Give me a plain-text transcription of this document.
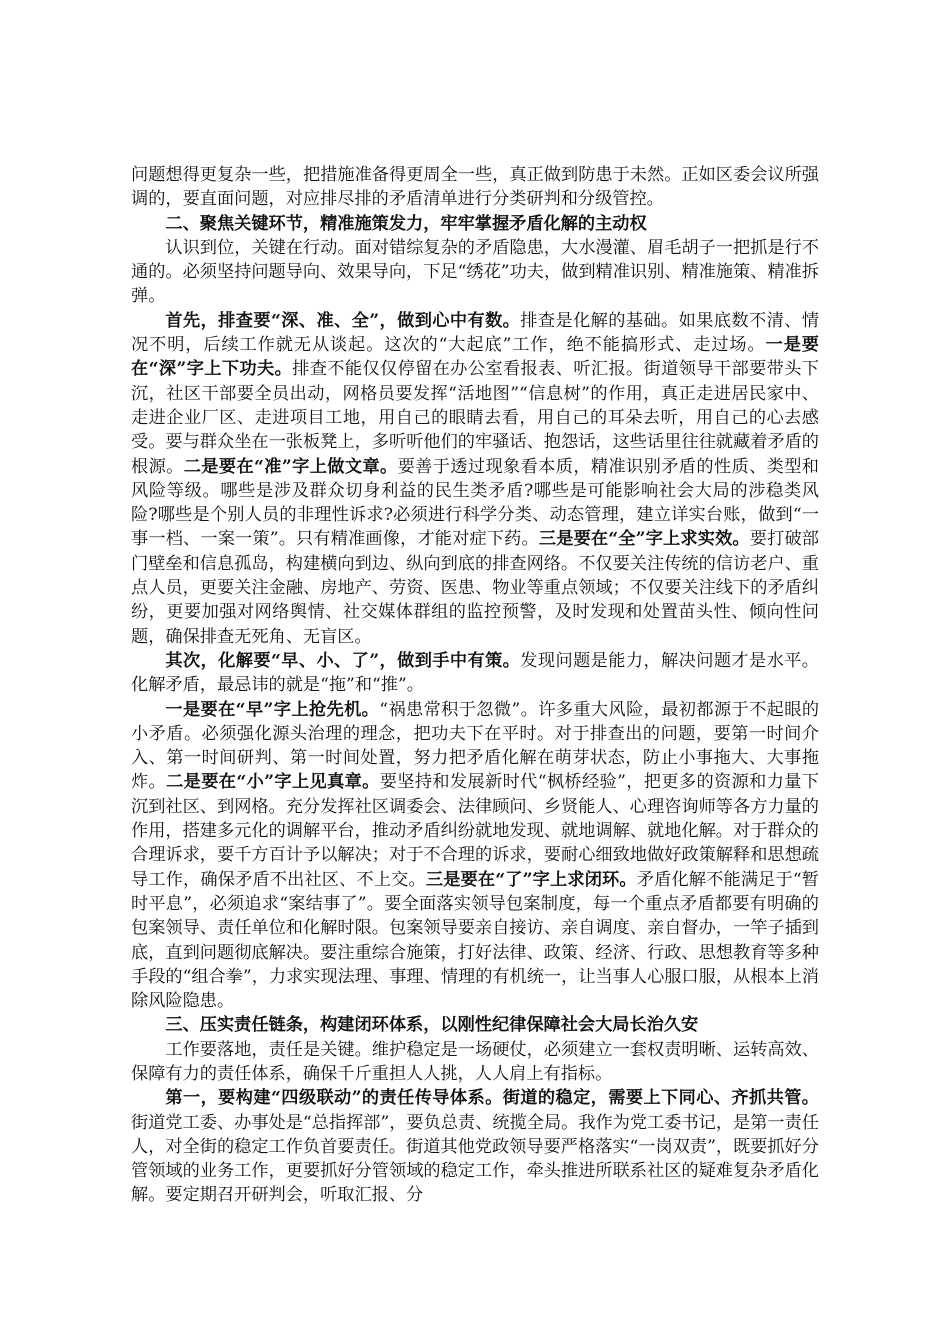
问题想得更复杂一些，把措施准备得更周全一些，真正做到防患于未然。正如区委会议所强调的，要直面问题，对应排尽排的矛盾清单进行分类研判和分级管控。

二、聚焦关键环节，精准施策发力，牢牢掌握矛盾化解的主动权

认识到位，关键在行动。面对错综复杂的矛盾隐患，大水漫灌、眉毛胡子一把抓是行不通的。必须坚持问题导向、效果导向，下足“绣花”功夫，做到精准识别、精准施策、精准拆弹。

首先，排查要“深、准、全”，做到心中有数。排查是化解的基础。如果底数不清、情况不明，后续工作就无从谈起。这次的“大起底”工作，绝不能搞形式、走过场。一是要在“深”字上下功夫。排查不能仅仅停留在办公室看报表、听汇报。街道领导干部要带头下沉，社区干部要全员出动，网格员要发挥“活地图”“信息树”的作用，真正走进居民家中、走进企业厂区、走进项目工地，用自己的眼睛去看，用自己的耳朵去听，用自己的心去感受。要与群众坐在一张板凳上，多听听他们的牢骚话、抱怨话，这些话里往往就藏着矛盾的根源。二是要在“准”字上做文章。要善于透过现象看本质，精准识别矛盾的性质、类型和风险等级。哪些是涉及群众切身利益的民生类矛盾?哪些是可能影响社会大局的涉稳类风险?哪些是个别人员的非理性诉求?必须进行科学分类、动态管理，建立详实台账，做到“一事一档、一案一策”。只有精准画像，才能对症下药。三是要在“全”字上求实效。要打破部门壁垒和信息孤岛，构建横向到边、纵向到底的排查网络。不仅要关注传统的信访老户、重点人员，更要关注金融、房地产、劳资、医患、物业等重点领域；不仅要关注线下的矛盾纠纷，更要加强对网络舆情、社交媒体群组的监控预警，及时发现和处置苗头性、倾向性问题，确保排查无死角、无盲区。

其次，化解要“早、小、了”，做到手中有策。发现问题是能力，解决问题才是水平。化解矛盾，最忌讳的就是“拖”和“推”。

一是要在“早”字上抢先机。“祸患常积于忽微”。许多重大风险，最初都源于不起眼的小矛盾。必须强化源头治理的理念，把功夫下在平时。对于排查出的问题，要第一时间介入、第一时间研判、第一时间处置，努力把矛盾化解在萌芽状态，防止小事拖大、大事拖炸。二是要在“小”字上见真章。要坚持和发展新时代“枫桥经验”，把更多的资源和力量下沉到社区、到网格。充分发挥社区调委会、法律顾问、乡贤能人、心理咨询师等各方力量的作用，搭建多元化的调解平台，推动矛盾纠纷就地发现、就地调解、就地化解。对于群众的合理诉求，要千方百计予以解决；对于不合理的诉求，要耐心细致地做好政策解释和思想疏导工作，确保矛盾不出社区、不上交。三是要在“了”字上求闭环。矛盾化解不能满足于“暂时平息”，必须追求“案结事了”。要全面落实领导包案制度，每一个重点矛盾都要有明确的包案领导、责任单位和化解时限。包案领导要亲自接访、亲自调度、亲自督办，一竿子插到底，直到问题彻底解决。要注重综合施策，打好法律、政策、经济、行政、思想教育等多种手段的“组合拳”，力求实现法理、事理、情理的有机统一，让当事人心服口服，从根本上消除风险隐患。

三、压实责任链条，构建闭环体系，以刚性纪律保障社会大局长治久安

工作要落地，责任是关键。维护稳定是一场硬仗，必须建立一套权责明晰、运转高效、保障有力的责任体系，确保千斤重担人人挑，人人肩上有指标。

第一，要构建“四级联动”的责任传导体系。街道的稳定，需要上下同心、齐抓共管。街道党工委、办事处是“总指挥部”，要负总责、统揽全局。我作为党工委书记，是第一责任人，对全街的稳定工作负首要责任。街道其他党政领导要严格落实“一岗双责”，既要抓好分管领域的业务工作，更要抓好分管领域的稳定工作，牵头推进所联系社区的疑难复杂矛盾化解。要定期召开研判会，听取汇报、分
